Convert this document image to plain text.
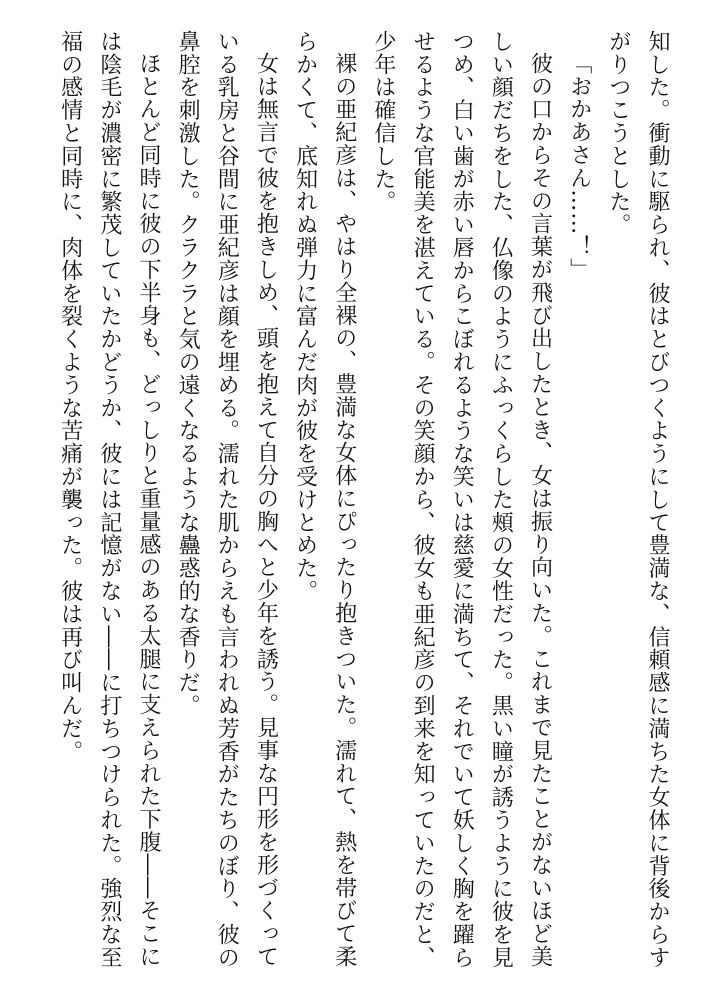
知した。衝動に駆られ、彼はとびつくようにして豊満な、信頼感に満ちた女体に背後からすがりつこうとした。

「おかあさん……！」

彼の口からその言葉が飛び出したとき、女は振り向いた。これまで見たことがないほど美しい顔だちをした、仏像のようにふっくらした頰の女性だった。黒い瞳が誘うように彼を見つめ、白い歯が赤い唇からこぼれるような笑いは慈愛に満ちて、それでいて妖しく胸を躍らせるような官能美を湛えている。その笑顔から、彼女も亜紀彦の到来を知っていたのだと、少年は確信した。

裸の亜紀彦は、やはり全裸の、豊満な女体にぴったり抱きついた。濡れて、熱を帯びて柔らかくて、底知れぬ弾力に富んだ肉が彼を受けとめた。

女は無言で彼を抱きしめ、頭を抱えて自分の胸へと少年を誘う。見事な円形を形づくっている乳房と谷間に亜紀彦は顔を埋める。濡れた肌からえも言われぬ芳香がたちのぼり、彼の鼻腔を刺激した。クラクラと気の遠くなるような蠱惑的な香りだ。

ほとんど同時に彼の下半身も、どっしりと重量感のある太腿に支えられた下腹――そこには陰毛が濃密に繁茂していたかどうか、彼には記憶がない――に打ちつけられた。強烈な至福の感情と同時に、肉体を裂くような苦痛が襲った。彼は再び叫んだ。
